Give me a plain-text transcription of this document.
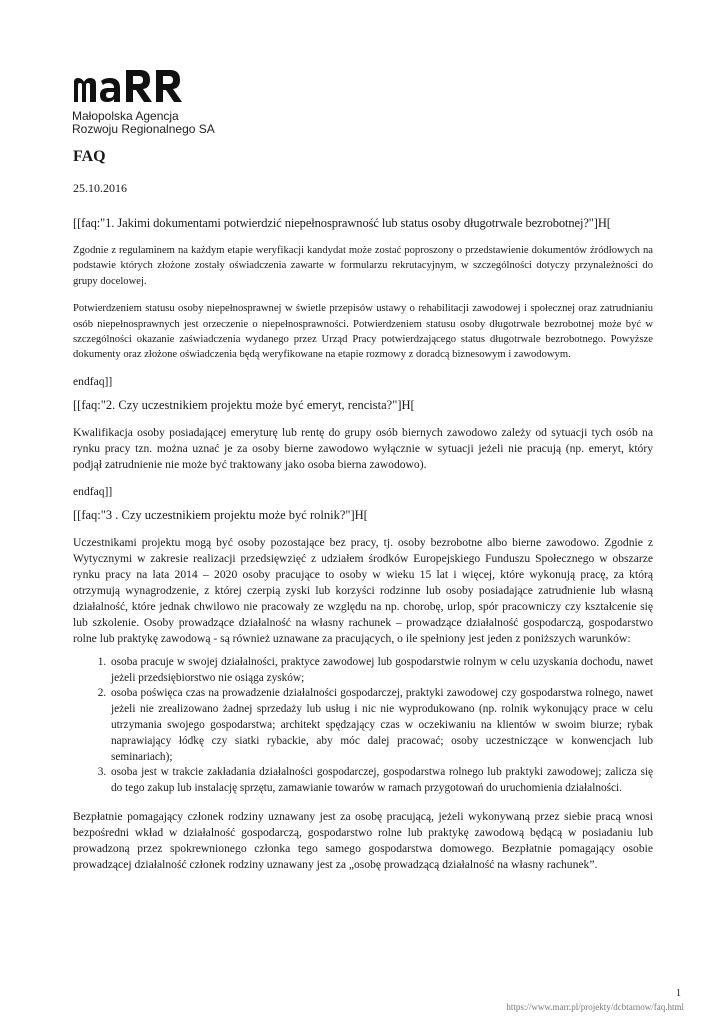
Małopolska Agencja
Rozwoju Regionalnego SA
FAQ
25.10.2016
[[faq:"1. Jakimi dokumentami potwierdzić niepełnosprawność lub status osoby długotrwale bezrobotnej?"]H[

Zgodnie z regulaminem na każdym etapie weryfikacji kandydat może zostać poproszony o przedstawienie dokumentów źródłowych na podstawie których złożone zostały oświadczenia zawarte w formularzu rekrutacyjnym, w szczególności dotyczy przynależności do grupy docelowej.

Potwierdzeniem statusu osoby niepełnosprawnej w świetle przepisów ustawy o rehabilitacji zawodowej i społecznej oraz zatrudnianiu osób niepełnosprawnych jest orzeczenie o niepełnosprawności. Potwierdzeniem statusu osoby długotrwale bezrobotnej może być w szczególności okazanie zaświadczenia wydanego przez Urząd Pracy potwierdzającego status długotrwale bezrobotnego. Powyższe dokumenty oraz złożone oświadczenia będą weryfikowane na etapie rozmowy z doradcą biznesowym i zawodowym.

endfaq]]
[[faq:"2. Czy uczestnikiem projektu może być emeryt, rencista?"]H[

Kwalifikacja osoby posiadającej emeryturę lub rentę do grupy osób biernych zawodowo zależy od sytuacji tych osób na rynku pracy tzn. można uznać je za osoby bierne zawodowo wyłącznie w sytuacji jeżeli nie pracują (np. emeryt, który podjął zatrudnienie nie może być traktowany jako osoba bierna zawodowo).

endfaq]]
[[faq:"3 . Czy uczestnikiem projektu może być rolnik?"]H[

Uczestnikami projektu mogą być osoby pozostające bez pracy, tj. osoby bezrobotne albo bierne zawodowo. Zgodnie z Wytycznymi w zakresie realizacji przedsięwzięć z udziałem środków Europejskiego Funduszu Społecznego w obszarze rynku pracy na lata 2014 – 2020 osoby pracujące to osoby w wieku 15 lat i więcej, które wykonują pracę, za którą otrzymują wynagrodzenie, z której czerpią zyski lub korzyści rodzinne lub osoby posiadające zatrudnienie lub własną działalność, które jednak chwilowo nie pracowały ze względu na np. chorobę, urlop, spór pracowniczy czy kształcenie się lub szkolenie. Osoby prowadzące działalność na własny rachunek – prowadzące działalność gospodarczą, gospodarstwo rolne lub praktykę zawodową - są również uznawane za pracujących, o ile spełniony jest jeden z poniższych warunków:

1. osoba pracuje w swojej działalności, praktyce zawodowej lub gospodarstwie rolnym w celu uzyskania dochodu, nawet jeżeli przedsiębiorstwo nie osiąga zysków;
2. osoba poświęca czas na prowadzenie działalności gospodarczej, praktyki zawodowej czy gospodarstwa rolnego, nawet jeżeli nie zrealizowano żadnej sprzedaży lub usług i nic nie wyprodukowano (np. rolnik wykonujący prace w celu utrzymania swojego gospodarstwa; architekt spędzający czas w oczekiwaniu na klientów w swoim biurze; rybak naprawiający łódkę czy siatki rybackie, aby móc dalej pracować; osoby uczestniczące w konwencjach lub seminariach);
3. osoba jest w trakcie zakładania działalności gospodarczej, gospodarstwa rolnego lub praktyki zawodowej; zalicza się do tego zakup lub instalację sprzętu, zamawianie towarów w ramach przygotowań do uruchomienia działalności.

Bezpłatnie pomagający członek rodziny uznawany jest za osobę pracującą, jeżeli wykonywaną przez siebie pracą wnosi bezpośredni wkład w działalność gospodarczą, gospodarstwo rolne lub praktykę zawodową będącą w posiadaniu lub prowadzoną przez spokrewnionego członka tego samego gospodarstwa domowego. Bezpłatnie pomagający osobie prowadzącej działalność członek rodziny uznawany jest za „osobę prowadzącą działalność na własny rachunek”.

1
https://www.marr.pl/projekty/dcbtarnow/faq.html
